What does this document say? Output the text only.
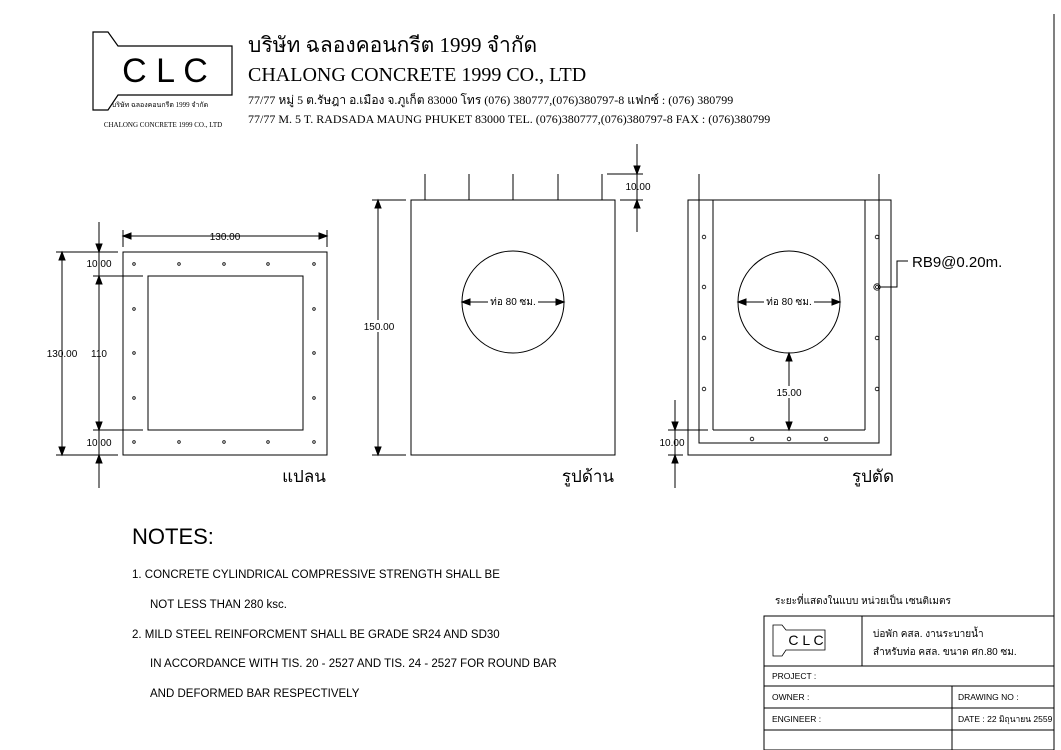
C L C
บริษัท ฉลองคอนกรีต 1999 จำกัด
CHALONG CONCRETE 1999 CO., LTD
บริษัท ฉลองคอนกรีต 1999 จำกัด
CHALONG CONCRETE 1999 CO., LTD
77/77 หมู่ 5 ต.รัษฎา อ.เมือง จ.ภูเก็ต 83000 โทร (076) 380777,(076)380797-8 แฟกซ์ : (076) 380799
77/77 M. 5 T. RADSADA MAUNG PHUKET 83000 TEL. (076)380777,(076)380797-8 FAX : (076)380799
130.00
130.00 110
10.00
10.00
แปลน
ท่อ 80 ซม.
150.00
10.00
รูปด้าน
ท่อ 80 ซม.
RB9@0.20m.
15.00
10.00
รูปตัด
NOTES:
1. CONCRETE CYLINDRICAL COMPRESSIVE STRENGTH SHALL BE
NOT LESS THAN 280 ksc.
2. MILD STEEL REINFORCMENT SHALL BE GRADE SR24 AND SD30
IN ACCORDANCE WITH TIS. 20 - 2527 AND TIS. 24 - 2527 FOR ROUND BAR
AND DEFORMED BAR RESPECTIVELY
ระยะที่แสดงในแบบ หน่วยเป็น เซนติเมตร
C L C	บ่อพัก คสล. งานระบายน้ำ
สำหรับท่อ คสล. ขนาด ศก.80 ซม.
PROJECT :
OWNER :
ENGINEER :
DRAWING NO :
DATE : 22 มิถุนายน 2559
